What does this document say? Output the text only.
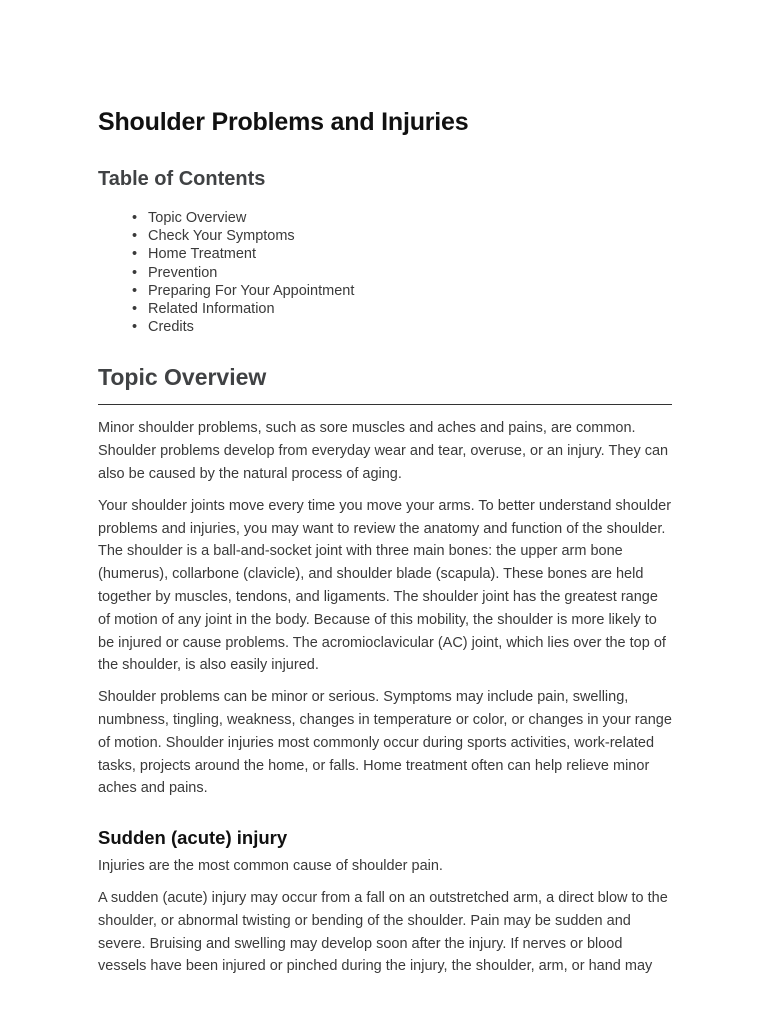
Shoulder Problems and Injuries
Table of Contents
• Topic Overview
• Check Your Symptoms
• Home Treatment
• Prevention
• Preparing For Your Appointment
• Related Information
• Credits
Topic Overview

Minor shoulder problems, such as sore muscles and aches and pains, are common. Shoulder problems develop from everyday wear and tear, overuse, or an injury. They can also be caused by the natural process of aging.

Your shoulder joints move every time you move your arms. To better understand shoulder problems and injuries, you may want to review the anatomy and function of the shoulder. The shoulder is a ball-and-socket joint with three main bones: the upper arm bone (humerus), collarbone (clavicle), and shoulder blade (scapula). These bones are held together by muscles, tendons, and ligaments. The shoulder joint has the greatest range of motion of any joint in the body. Because of this mobility, the shoulder is more likely to be injured or cause problems. The acromioclavicular (AC) joint, which lies over the top of the shoulder, is also easily injured.

Shoulder problems can be minor or serious. Symptoms may include pain, swelling, numbness, tingling, weakness, changes in temperature or color, or changes in your range of motion. Shoulder injuries most commonly occur during sports activities, work-related tasks, projects around the home, or falls. Home treatment often can help relieve minor aches and pains.

Sudden (acute) injury

Injuries are the most common cause of shoulder pain.

A sudden (acute) injury may occur from a fall on an outstretched arm, a direct blow to the shoulder, or abnormal twisting or bending of the shoulder. Pain may be sudden and severe. Bruising and swelling may develop soon after the injury. If nerves or blood vessels have been injured or pinched during the injury, the shoulder, arm, or hand may
